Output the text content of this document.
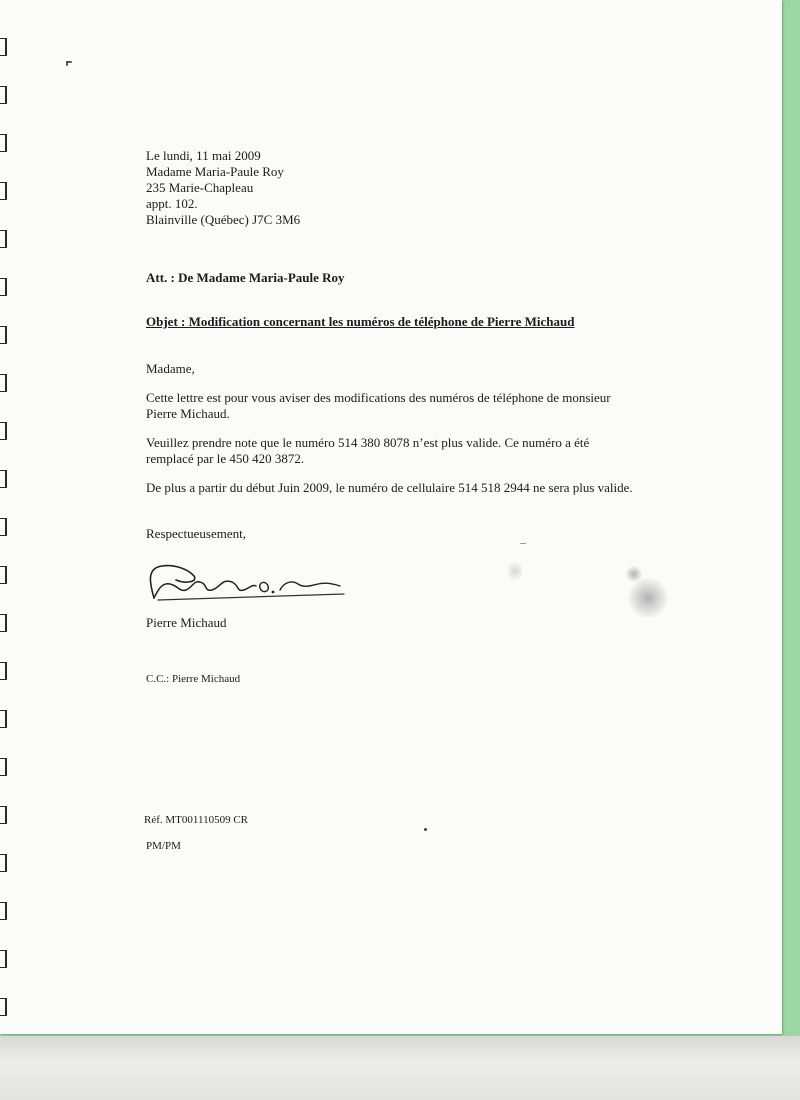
Le lundi, 11 mai 2009
Madame Maria-Paule Roy
235 Marie-Chapleau
appt. 102.
Blainville (Québec) J7C 3M6
Att. : De Madame Maria-Paule Roy
Objet : Modification concernant les numéros de téléphone de Pierre Michaud
Madame,
Cette lettre est pour vous aviser des modifications des numéros de téléphone de monsieur
Pierre Michaud.
Veuillez prendre note que le numéro 514 380 8078 n’est plus valide. Ce numéro a été
remplacé par le 450 420 3872.
De plus a partir du début Juin 2009, le numéro de cellulaire 514 518 2944 ne sera plus valide.
Respectueusement,
Pierre Michaud
C.C.: Pierre Michaud
Réf. MT001110509 CR
PM/PM
